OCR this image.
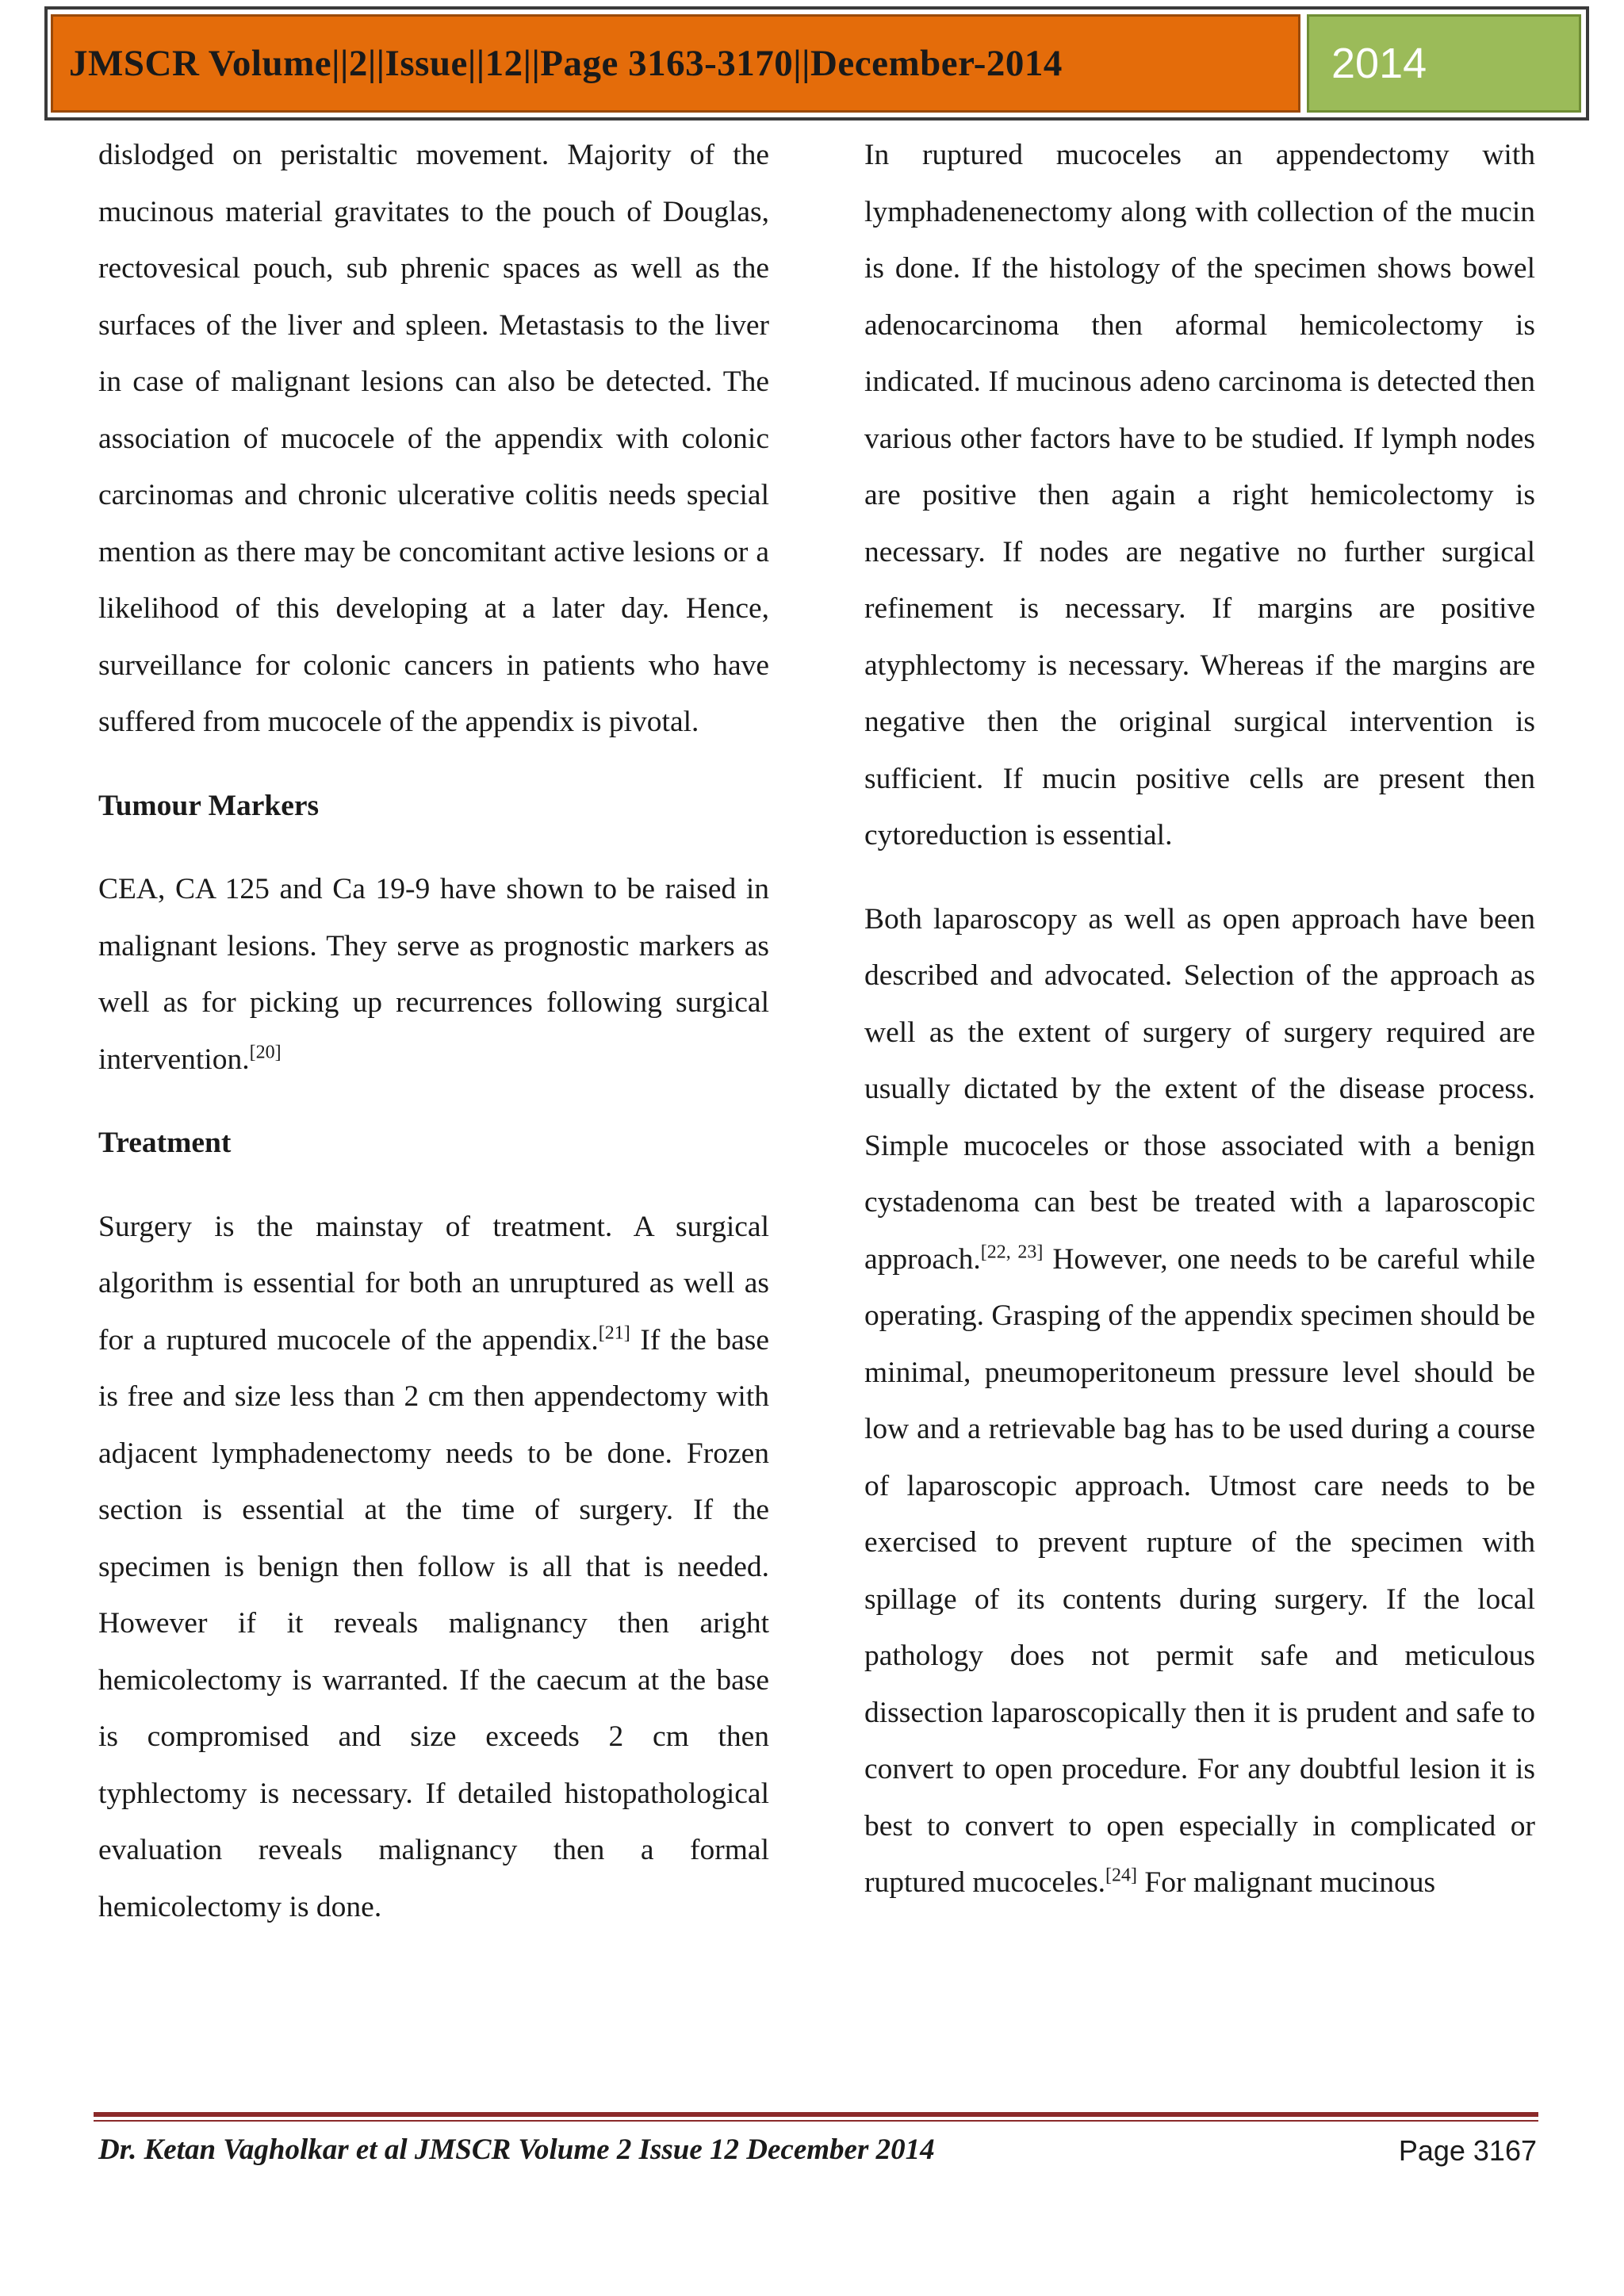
JMSCR Volume||2||Issue||12||Page 3163-3170||December-2014	2014

dislodged on peristaltic movement. Majority of the mucinous material gravitates to the pouch of Douglas, rectovesical pouch, sub phrenic spaces as well as the surfaces of the liver and spleen. Metastasis to the liver in case of malignant lesions can also be detected. The association of mucocele of the appendix with colonic carcinomas and chronic ulcerative colitis needs special mention as there may be concomitant active lesions or a likelihood of this developing at a later day. Hence, surveillance for colonic cancers in patients who have suffered from mucocele of the appendix is pivotal.

Tumour Markers

CEA, CA 125 and Ca 19-9 have shown to be raised in malignant lesions. They serve as prognostic markers as well as for picking up recurrences following surgical intervention.[20]

Treatment

Surgery is the mainstay of treatment. A surgical algorithm is essential for both an unruptured as well as for a ruptured mucocele of the appendix.[21] If the base is free and size less than 2 cm then appendectomy with adjacent lymphadenectomy needs to be done. Frozen section is essential at the time of surgery. If the specimen is benign then follow is all that is needed. However if it reveals malignancy then aright hemicolectomy is warranted. If the caecum at the base is compromised and size exceeds 2 cm then typhlectomy is necessary. If detailed histopathological evaluation reveals malignancy then a formal hemicolectomy is done.

In ruptured mucoceles an appendectomy with lymphadenenectomy along with collection of the mucin is done. If the histology of the specimen shows bowel adenocarcinoma then aformal hemicolectomy is indicated. If mucinous adeno carcinoma is detected then various other factors have to be studied. If lymph nodes are positive then again a right hemicolectomy is necessary. If nodes are negative no further surgical refinement is necessary. If margins are positive atyphlectomy is necessary. Whereas if the margins are negative then the original surgical intervention is sufficient. If mucin positive cells are present then cytoreduction is essential.

Both laparoscopy as well as open approach have been described and advocated. Selection of the approach as well as the extent of surgery of surgery required are usually dictated by the extent of the disease process. Simple mucoceles or those associated with a benign cystadenoma can best be treated with a laparoscopic approach.[22, 23] However, one needs to be careful while operating. Grasping of the appendix specimen should be minimal, pneumoperitoneum pressure level should be low and a retrievable bag has to be used during a course of laparoscopic approach. Utmost care needs to be exercised to prevent rupture of the specimen with spillage of its contents during surgery. If the local pathology does not permit safe and meticulous dissection laparoscopically then it is prudent and safe to convert to open procedure. For any doubtful lesion it is best to convert to open especially in complicated or ruptured mucoceles.[24] For malignant mucinous

Dr. Ketan Vagholkar et al JMSCR Volume 2 Issue 12 December 2014	Page 3167
